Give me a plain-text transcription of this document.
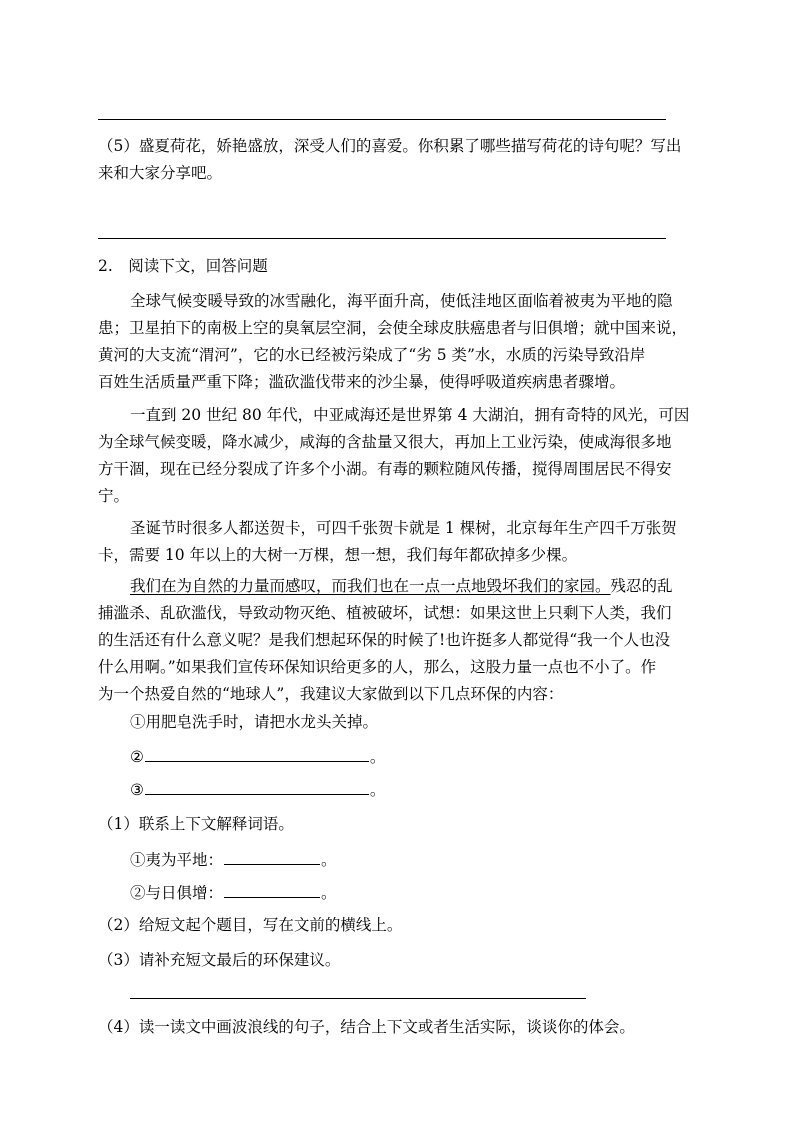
（5）盛夏荷花，娇艳盛放，深受人们的喜爱。你积累了哪些描写荷花的诗句呢？写出
来和大家分享吧。
2.　阅读下文，回答问题
全球气候变暖导致的冰雪融化，海平面升高，使低洼地区面临着被夷为平地的隐
患；卫星拍下的南极上空的臭氧层空洞，会使全球皮肤癌患者与旧俱增；就中国来说，
黄河的大支流“渭河”，它的水已经被污染成了“劣 5 类”水，水质的污染导致沿岸
百姓生活质量严重下降；滥砍滥伐带来的沙尘暴，使得呼吸道疾病患者骤增。
一直到 20 世纪 80 年代，中亚咸海还是世界第 4 大湖泊，拥有奇特的风光，可因
为全球气候变暖，降水减少，咸海的含盐量又很大，再加上工业污染，使咸海很多地
方干涸，现在已经分裂成了许多个小湖。有毒的颗粒随风传播，搅得周围居民不得安
宁。
圣诞节时很多人都送贺卡，可四千张贺卡就是 1 棵树，北京每年生产四千万张贺
卡，需要 10 年以上的大树一万棵，想一想，我们每年都砍掉多少棵。
我们在为自然的力量而感叹，而我们也在一点一点地毁坏我们的家园。残忍的乱
捕滥杀、乱砍滥伐，导致动物灭绝、植被破坏，试想：如果这世上只剩下人类，我们
的生活还有什么意义呢？是我们想起环保的时候了!也许挺多人都觉得“我一个人也没
什么用啊。”如果我们宣传环保知识给更多的人，那么，这股力量一点也不小了。作
为一个热爱自然的“地球人”，我建议大家做到以下几点环保的内容：
①用肥皂洗手时，请把水龙头关掉。
②	。
③	。
（1）联系上下文解释词语。
①夷为平地：	。
②与日俱增：	。
（2）给短文起个题目，写在文前的横线上。
（3）请补充短文最后的环保建议。
（4）读一读文中画波浪线的句子，结合上下文或者生活实际，谈谈你的体会。
